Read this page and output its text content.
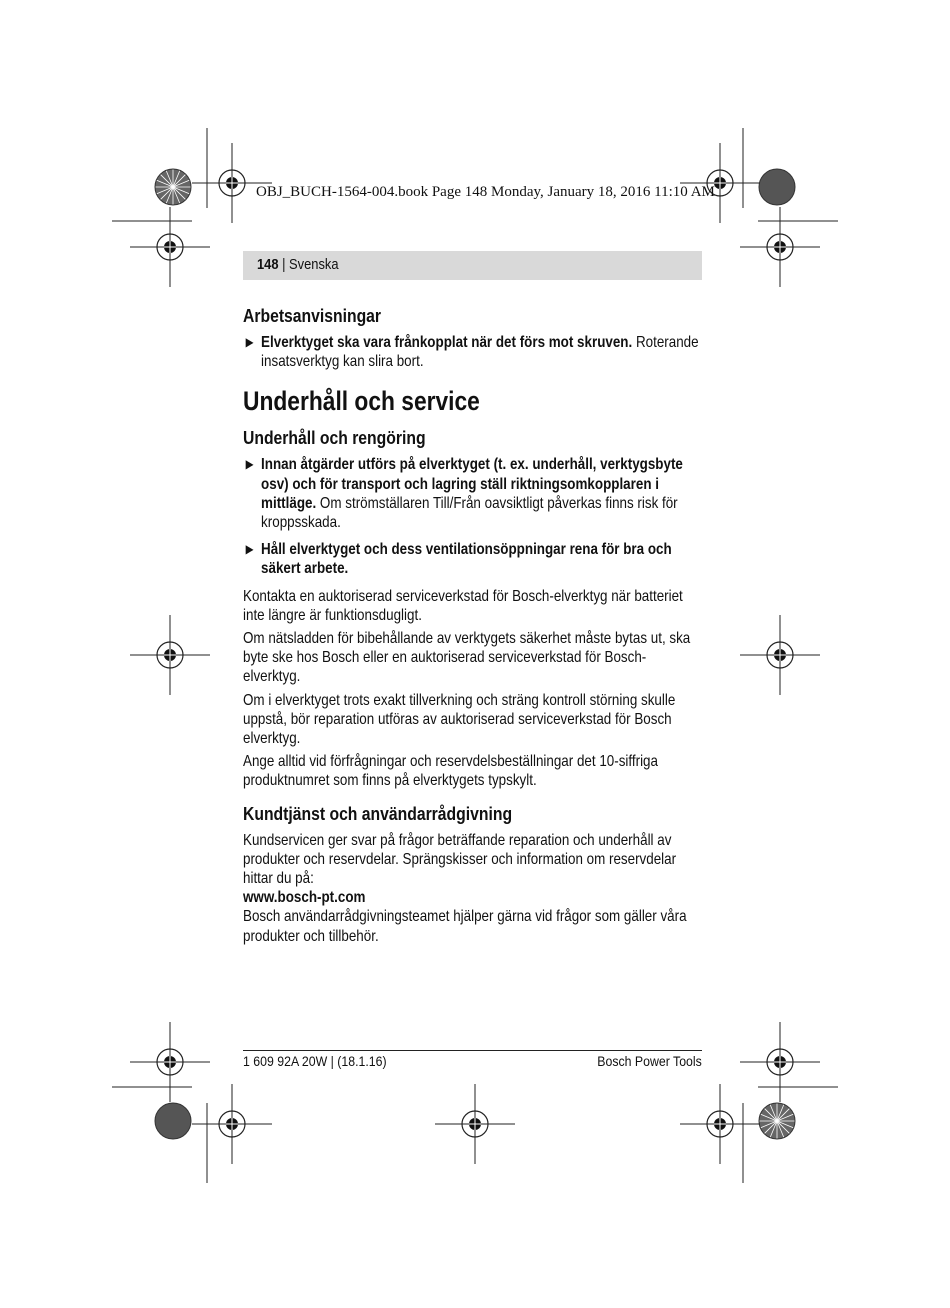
OBJ_BUCH-1564-004.book Page 148 Monday, January 18, 2016 11:10 AM
148 | Svenska
Arbetsanvisningar
▶ Elverktyget ska vara frånkopplat när det förs mot skruven. Roterande insatsverktyg kan slira bort.
Underhåll och service
Underhåll och rengöring
▶ Innan åtgärder utförs på elverktyget (t. ex. underhåll, verktygsbyte osv) och för transport och lagring ställ riktningsomkopplaren i mittläge. Om strömställaren Till/Från oavsiktligt påverkas finns risk för kroppsskada.
▶ Håll elverktyget och dess ventilationsöppningar rena för bra och säkert arbete.

Kontakta en auktoriserad serviceverkstad för Bosch-elverktyg när batteriet inte längre är funktionsdugligt.

Om nätsladden för bibehållande av verktygets säkerhet måste bytas ut, ska byte ske hos Bosch eller en auktoriserad serviceverkstad för Bosch-elverktyg.

Om i elverktyget trots exakt tillverkning och sträng kontroll störning skulle uppstå, bör reparation utföras av auktoriserad serviceverkstad för Bosch elverktyg.

Ange alltid vid förfrågningar och reservdelsbeställningar det 10-siffriga produktnumret som finns på elverktygets typskylt.

Kundtjänst och användarrådgivning

Kundservicen ger svar på frågor beträffande reparation och underhåll av produkter och reservdelar. Sprängskisser och information om reservdelar hittar du på:

www.bosch-pt.com

Bosch användarrådgivningsteamet hjälper gärna vid frågor som gäller våra produkter och tillbehör.

1 609 92A 20W | (18.1.16)	Bosch Power Tools
